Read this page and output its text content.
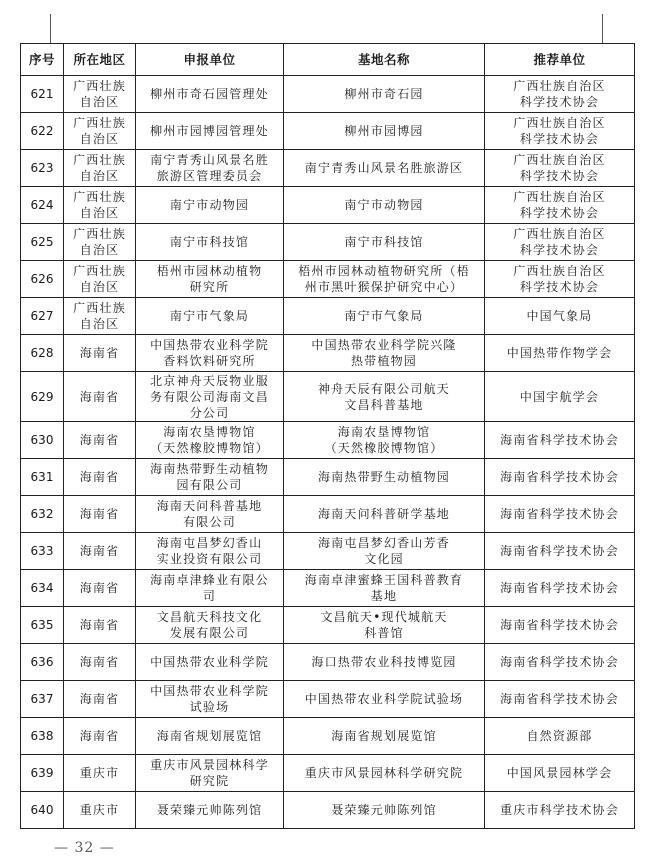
序号	所在地区	申报单位	基地名称	推荐单位
621	广西壮族
自治区	柳州市奇石园管理处	柳州市奇石园	广西壮族自治区
科学技术协会
622	广西壮族
自治区	柳州市园博园管理处	柳州市园博园	广西壮族自治区
科学技术协会
623	广西壮族
自治区	南宁青秀山风景名胜
旅游区管理委员会	南宁青秀山风景名胜旅游区	广西壮族自治区
科学技术协会
624	广西壮族
自治区	南宁市动物园	南宁市动物园	广西壮族自治区
科学技术协会
625	广西壮族
自治区	南宁市科技馆	南宁市科技馆	广西壮族自治区
科学技术协会
626	广西壮族
自治区	梧州市园林动植物
研究所	梧州市园林动植物研究所（梧
州市黑叶猴保护研究中心）	广西壮族自治区
科学技术协会
627	广西壮族
自治区	南宁市气象局	南宁市气象局	中国气象局
628	海南省	中国热带农业科学院
香料饮料研究所	中国热带农业科学院兴隆
热带植物园	中国热带作物学会
629	海南省	北京神舟天辰物业服
务有限公司海南文昌
分公司	神舟天辰有限公司航天
文昌科普基地	中国宇航学会
630	海南省	海南农垦博物馆
（天然橡胶博物馆）	海南农垦博物馆
（天然橡胶博物馆）	海南省科学技术协会
631	海南省	海南热带野生动植物
园有限公司	海南热带野生动植物园	海南省科学技术协会
632	海南省	海南天问科普基地
有限公司	海南天问科普研学基地	海南省科学技术协会
633	海南省	海南屯昌梦幻香山
实业投资有限公司	海南屯昌梦幻香山芳香
文化园	海南省科学技术协会
634	海南省	海南卓津蜂业有限公
司	海南卓津蜜蜂王国科普教育
基地	海南省科学技术协会
635	海南省	文昌航天科技文化
发展有限公司	文昌航天•现代城航天
科普馆	海南省科学技术协会
636	海南省	中国热带农业科学院	海口热带农业科技博览园	海南省科学技术协会
637	海南省	中国热带农业科学院
试验场	中国热带农业科学院试验场	海南省科学技术协会
638	海南省	海南省规划展览馆	海南省规划展览馆	自然资源部
639	重庆市	重庆市风景园林科学
研究院	重庆市风景园林科学研究院	中国风景园林学会
640	重庆市	聂荣臻元帅陈列馆	聂荣臻元帅陈列馆	重庆市科学技术协会
— 32 —
